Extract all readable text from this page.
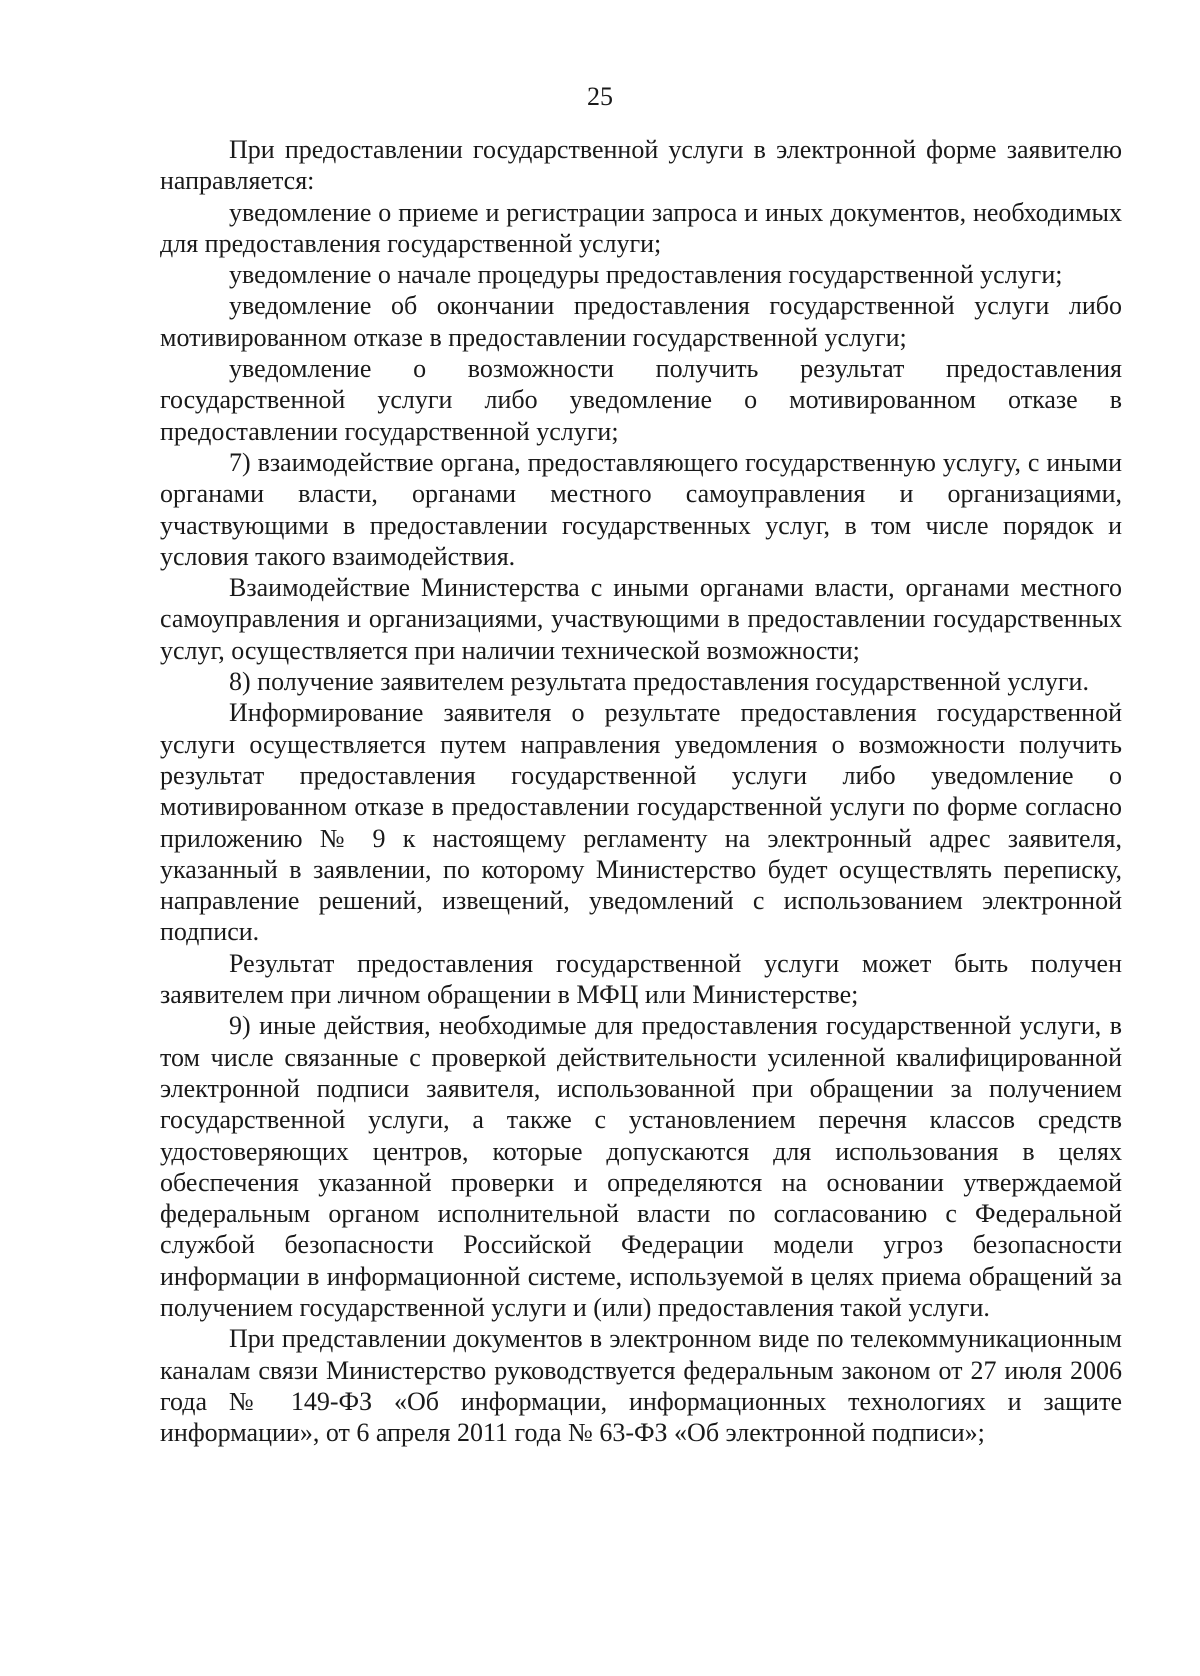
25

При предоставлении государственной услуги в электронной форме заявителю направляется:

уведомление о приеме и регистрации запроса и иных документов, необходимых для предоставления государственной услуги;

уведомление о начале процедуры предоставления государственной услуги;

уведомление об окончании предоставления государственной услуги либо мотивированном отказе в предоставлении государственной услуги;

уведомление о возможности получить результат предоставления государственной услуги либо уведомление о мотивированном отказе в предоставлении государственной услуги;

7) взаимодействие органа, предоставляющего государственную услугу, с иными органами власти, органами местного самоуправления и организациями, участвующими в предоставлении государственных услуг, в том числе порядок и условия такого взаимодействия.

Взаимодействие Министерства с иными органами власти, органами местного самоуправления и организациями, участвующими в предоставлении государственных услуг, осуществляется при наличии технической возможности;

8) получение заявителем результата предоставления государственной услуги.

Информирование заявителя о результате предоставления государственной услуги осуществляется путем направления уведомления о возможности получить результат предоставления государственной услуги либо уведомление о мотивированном отказе в предоставлении государственной услуги по форме согласно приложению № 9 к настоящему регламенту на электронный адрес заявителя, указанный в заявлении, по которому Министерство будет осуществлять переписку, направление решений, извещений, уведомлений с использованием электронной подписи.

Результат предоставления государственной услуги может быть получен заявителем при личном обращении в МФЦ или Министерстве;

9) иные действия, необходимые для предоставления государственной услуги, в том числе связанные с проверкой действительности усиленной квалифицированной электронной подписи заявителя, использованной при обращении за получением государственной услуги, а также с установлением перечня классов средств удостоверяющих центров, которые допускаются для использования в целях обеспечения указанной проверки и определяются на основании утверждаемой федеральным органом исполнительной власти по согласованию с Федеральной службой безопасности Российской Федерации модели угроз безопасности информации в информационной системе, используемой в целях приема обращений за получением государственной услуги и (или) предоставления такой услуги.

При представлении документов в электронном виде по телекоммуникационным каналам связи Министерство руководствуется федеральным законом от 27 июля 2006 года № 149-ФЗ «Об информации, информационных технологиях и защите информации», от 6 апреля 2011 года № 63-ФЗ «Об электронной подписи»;
